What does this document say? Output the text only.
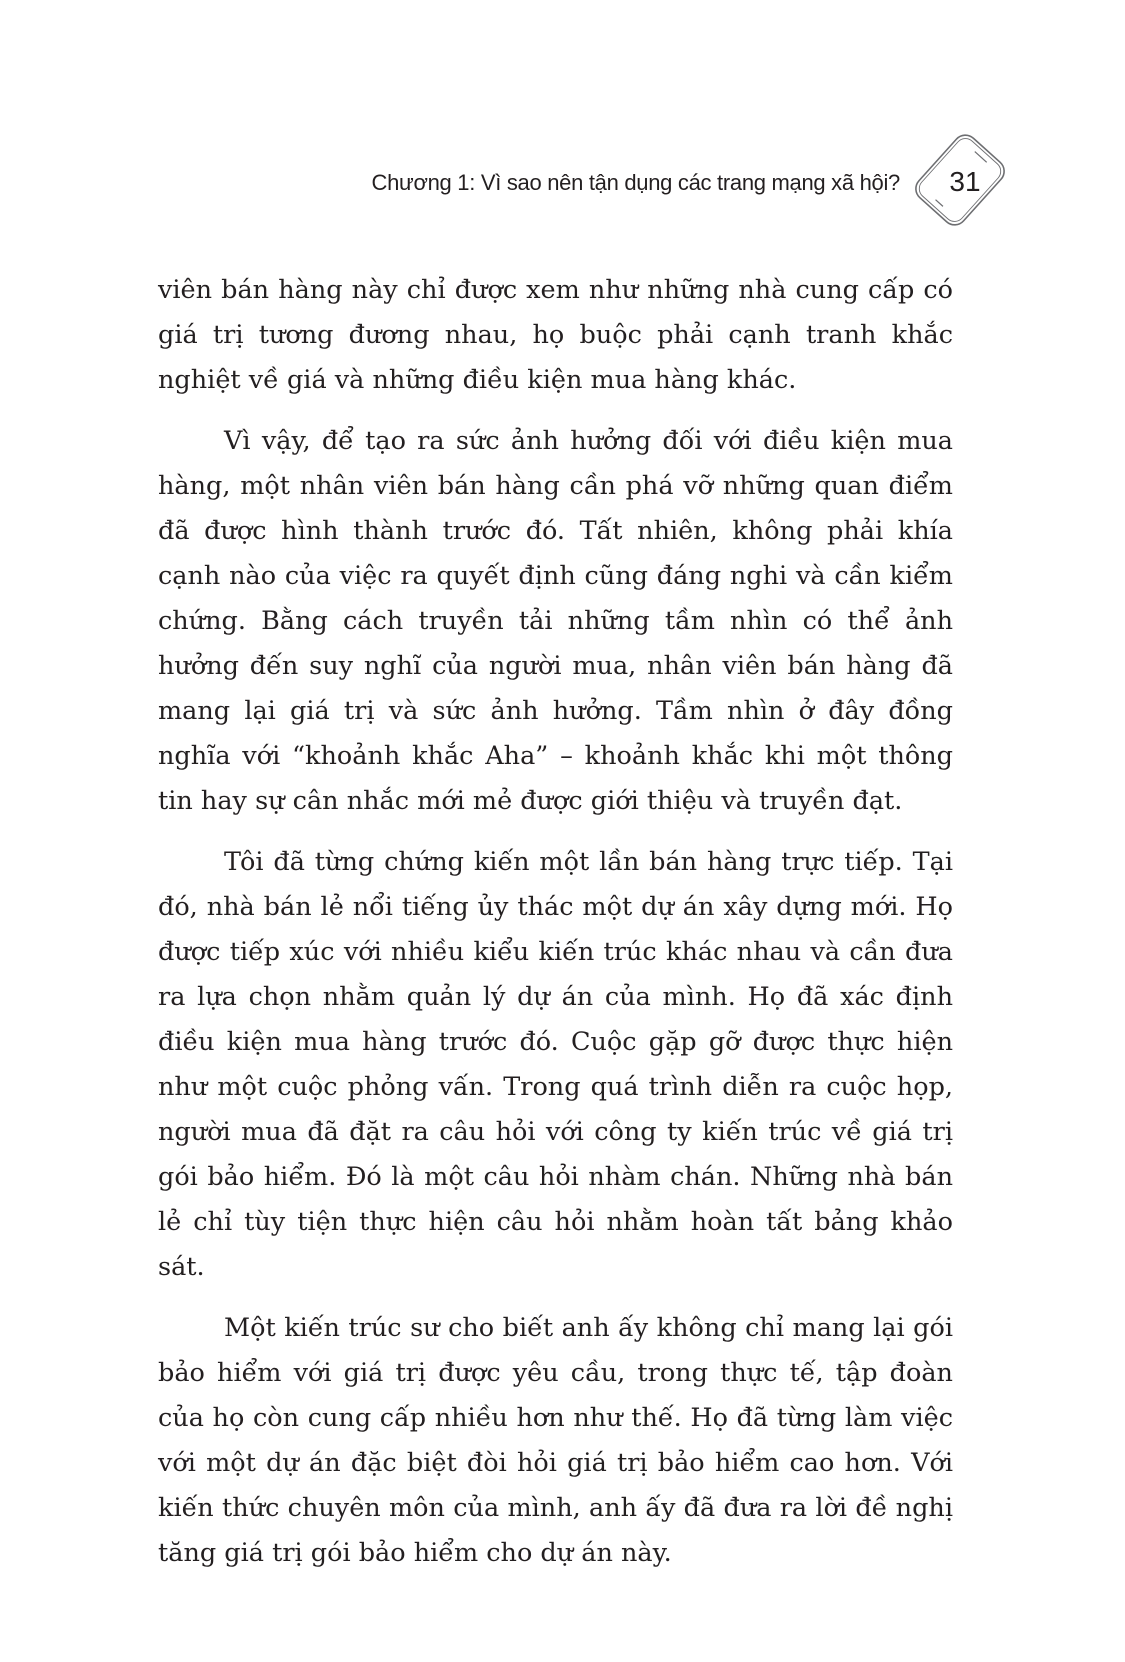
Chương 1: Vì sao nên tận dụng các trang mạng xã hội?	31

viên bán hàng này chỉ được xem như những nhà cung cấp có giá trị tương đương nhau, họ buộc phải cạnh tranh khắc nghiệt về giá và những điều kiện mua hàng khác.

Vì vậy, để tạo ra sức ảnh hưởng đối với điều kiện mua hàng, một nhân viên bán hàng cần phá vỡ những quan điểm đã được hình thành trước đó. Tất nhiên, không phải khía cạnh nào của việc ra quyết định cũng đáng nghi và cần kiểm chứng. Bằng cách truyền tải những tầm nhìn có thể ảnh hưởng đến suy nghĩ của người mua, nhân viên bán hàng đã mang lại giá trị và sức ảnh hưởng. Tầm nhìn ở đây đồng nghĩa với “khoảnh khắc Aha” – khoảnh khắc khi một thông tin hay sự cân nhắc mới mẻ được giới thiệu và truyền đạt.

Tôi đã từng chứng kiến một lần bán hàng trực tiếp. Tại đó, nhà bán lẻ nổi tiếng ủy thác một dự án xây dựng mới. Họ được tiếp xúc với nhiều kiểu kiến trúc khác nhau và cần đưa ra lựa chọn nhằm quản lý dự án của mình. Họ đã xác định điều kiện mua hàng trước đó. Cuộc gặp gỡ được thực hiện như một cuộc phỏng vấn. Trong quá trình diễn ra cuộc họp, người mua đã đặt ra câu hỏi với công ty kiến trúc về giá trị gói bảo hiểm. Đó là một câu hỏi nhàm chán. Những nhà bán lẻ chỉ tùy tiện thực hiện câu hỏi nhằm hoàn tất bảng khảo sát.

Một kiến trúc sư cho biết anh ấy không chỉ mang lại gói bảo hiểm với giá trị được yêu cầu, trong thực tế, tập đoàn của họ còn cung cấp nhiều hơn như thế. Họ đã từng làm việc với một dự án đặc biệt đòi hỏi giá trị bảo hiểm cao hơn. Với kiến thức chuyên môn của mình, anh ấy đã đưa ra lời đề nghị tăng giá trị gói bảo hiểm cho dự án này.
